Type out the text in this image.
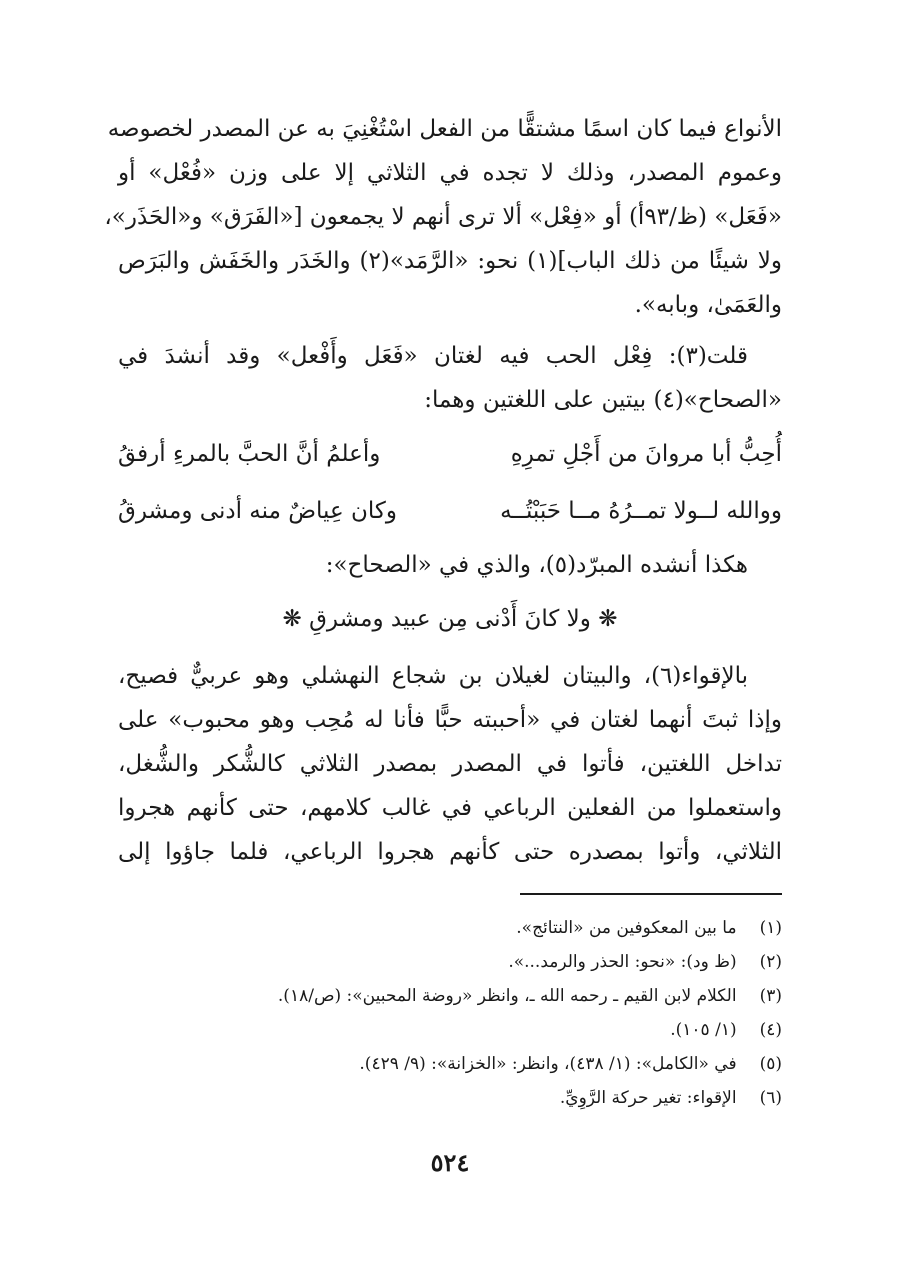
الأنواع فيما كان اسمًا مشتقًّا من الفعل اسْتُغْنِيَ به عن المصدر لخصوصه
وعموم المصدر، وذلك لا تجده في الثلاثي إلا على وزن «فُعْل» أو
«فَعَل» (ظ/٩٣أ) أو «فِعْل» ألا ترى أنهم لا يجمعون [«الفَرَق» و«الحَذَر»،
ولا شيئًا من ذلك الباب](١) نحو: «الرَّمَد»(٢) والخَدَر والخَفَش والبَرَص
والعَمَىٰ، وبابه».
قلت(٣): فِعْل الحب فيه لغتان «فَعَل وأَفْعل» وقد أنشدَ في
«الصحاح»(٤) بيتين على اللغتين وهما:
أُحِبُّ أبا مروانَ من أَجْلِ تمرِهِ
وأعلمُ أنَّ الحبَّ بالمرءِ أرفقُ
ووالله لــولا تمــرُهُ مــا حَبَبْتُــه
وكان عِياضٌ منه أدنى ومشرقُ
هكذا أنشده المبرّد(٥)، والذي في «الصحاح»:
❋ ولا كانَ أَدْنى مِن عبيد ومشرقِ ❋
بالإقواء(٦)، والبيتان لغيلان بن شجاع النهشلي وهو عربيٌّ فصيح،
وإذا ثبتَ أنهما لغتان في «أحببته حبًّا فأنا له مُحِب وهو محبوب» على
تداخل اللغتين، فأتوا في المصدر بمصدر الثلاثي كالشُّكر والشُّغل،
واستعملوا من الفعلين الرباعي في غالب كلامهم، حتى كأنهم هجروا
الثلاثي، وأتوا بمصدره حتى كأنهم هجروا الرباعي، فلما جاؤوا إلى
(١) ما بين المعكوفين من «النتائج».
(٢) (ظ ود): «نحو: الحذر والرمد...».
(٣) الكلام لابن القيم ـ رحمه الله ـ، وانظر «روضة المحبين»: (ص/١٨).
(٤) (١/ ١٠٥).
(٥) في «الكامل»: (١/ ٤٣٨)، وانظر: «الخزانة»: (٩/ ٤٢٩).
(٦) الإقواء: تغير حركة الرَّوِيِّ.
٥٢٤
